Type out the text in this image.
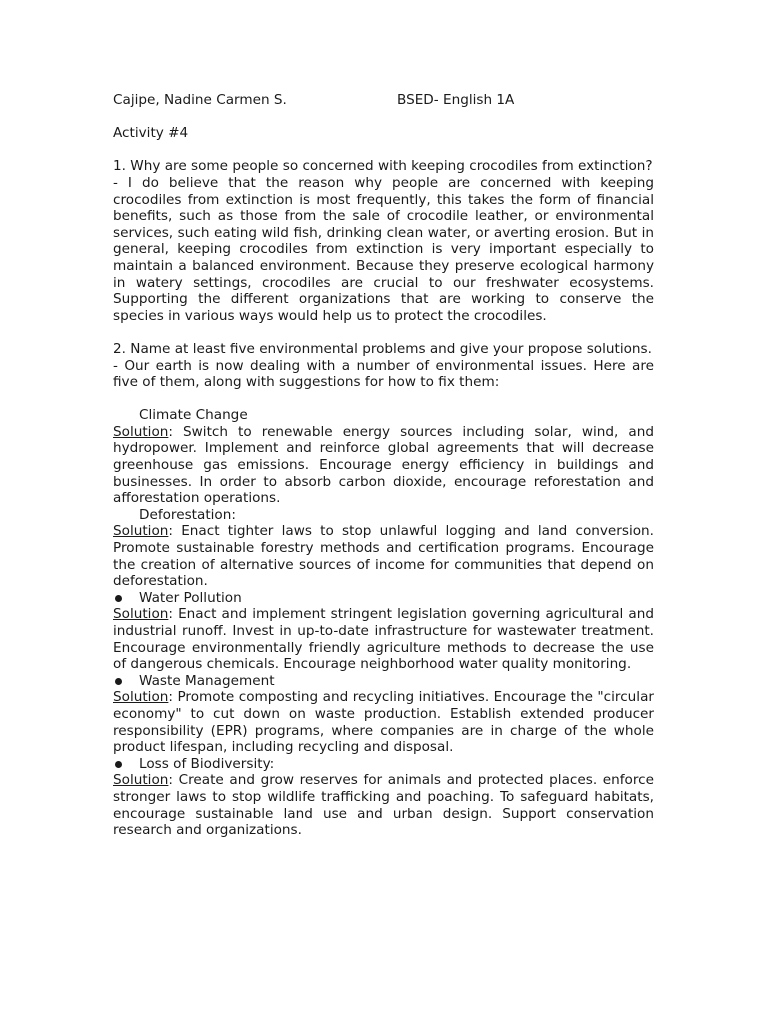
Cajipe, Nadine Carmen S.	BSED- English 1A

Activity #4

1. Why are some people so concerned with keeping crocodiles from extinction?

- I do believe that the reason why people are concerned with keeping crocodiles from extinction is most frequently, this takes the form of financial benefits, such as those from the sale of crocodile leather, or environmental services, such eating wild fish, drinking clean water, or averting erosion. But in general, keeping crocodiles from extinction is very important especially to maintain a balanced environment. Because they preserve ecological harmony in watery settings, crocodiles are crucial to our freshwater ecosystems. Supporting the different organizations that are working to conserve the species in various ways would help us to protect the crocodiles.

2. Name at least five environmental problems and give your propose solutions.

- Our earth is now dealing with a number of environmental issues. Here are five of them, along with suggestions for how to fix them:

Climate Change

Solution: Switch to renewable energy sources including solar, wind, and hydropower. Implement and reinforce global agreements that will decrease greenhouse gas emissions. Encourage energy efficiency in buildings and businesses. In order to absorb carbon dioxide, encourage reforestation and afforestation operations.

Deforestation:

Solution: Enact tighter laws to stop unlawful logging and land conversion. Promote sustainable forestry methods and certification programs. Encourage the creation of alternative sources of income for communities that depend on deforestation.

Water Pollution

Solution: Enact and implement stringent legislation governing agricultural and industrial runoff. Invest in up-to-date infrastructure for wastewater treatment. Encourage environmentally friendly agriculture methods to decrease the use of dangerous chemicals. Encourage neighborhood water quality monitoring.

Waste Management

Solution: Promote composting and recycling initiatives. Encourage the "circular economy" to cut down on waste production. Establish extended producer responsibility (EPR) programs, where companies are in charge of the whole product lifespan, including recycling and disposal.

Loss of Biodiversity:

Solution: Create and grow reserves for animals and protected places. enforce stronger laws to stop wildlife trafficking and poaching. To safeguard habitats, encourage sustainable land use and urban design. Support conservation research and organizations.
